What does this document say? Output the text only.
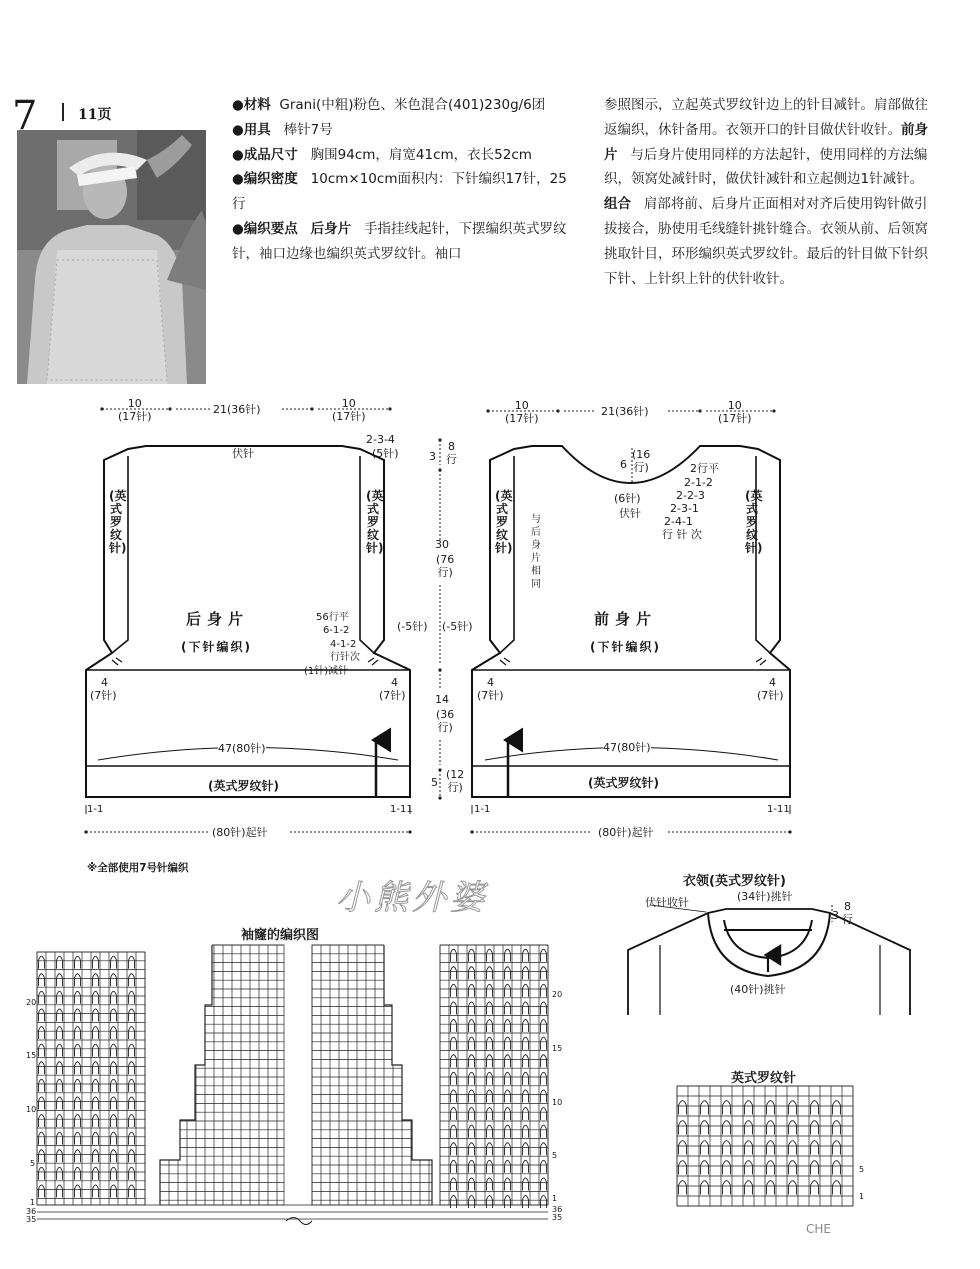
7	11页
●材料 Grani(中粗)粉色、米色混合(401)230g/6团
●用具 棒针7号
●成品尺寸 胸围94cm，肩宽41cm，衣长52cm
●编织密度 10cm×10cm面积内：下针编织17针，25行
●编织要点 后身片 手指挂线起针，下摆编织英式罗纹针，袖口边缘也编织英式罗纹针。袖口
参照图示，立起英式罗纹针边上的针目减针。肩部做往返编织，休针备用。衣领开口的针目做伏针收针。前身片 与后身片使用同样的方法起针，使用同样的方法编织，领窝处减针时，做伏针减针和立起侧边1针减针。组合 肩部将前、后身片正面相对对齐后使用钩针做引拔接合，胁使用毛线缝针挑针缝合。衣领从前、后领窝挑取针目，环形编织英式罗纹针。最后的针目做下针织下针、上针织上针的伏针收针。
10
(17针)
21(36针)	10
(17针)
伏针
2-3-4
(5针)
(英式罗纹针)
(英式罗纹针)
后身片
(下针编织)
56行平
6-1-2
4-1-2
行针次
(1针)减针
4
(7针)
4
(7针)
(-5针)
47(80针)
(英式罗纹针)
(80针)起针
1-1	1-11
3
8
行
30
(76
行)
(-5针)
14
(36
行)
5
(12
行)
10
(17针)
21(36针)	10
(17针)
6
(16
行)
(6针)
伏针
2行平
2-1-2
2-2-3
2-3-1
2-4-1
行 针 次
与后身片相同
(英式罗纹针)
(英式罗纹针)
前身片
(下针编织)
4
(7针)
4
(7针)
47(80针)
(英式罗纹针)
(80针)起针
1-1	1-11
※全部使用7号针编织
小熊外婆	衣领(英式罗纹针)
伏针收针	(34针)挑针
(40针)挑针
3
8
行
袖窿的编织图
20
15
10
5
1
36
35
20
15
10
5
1
36
35
英式罗纹针
5
1
CHE
